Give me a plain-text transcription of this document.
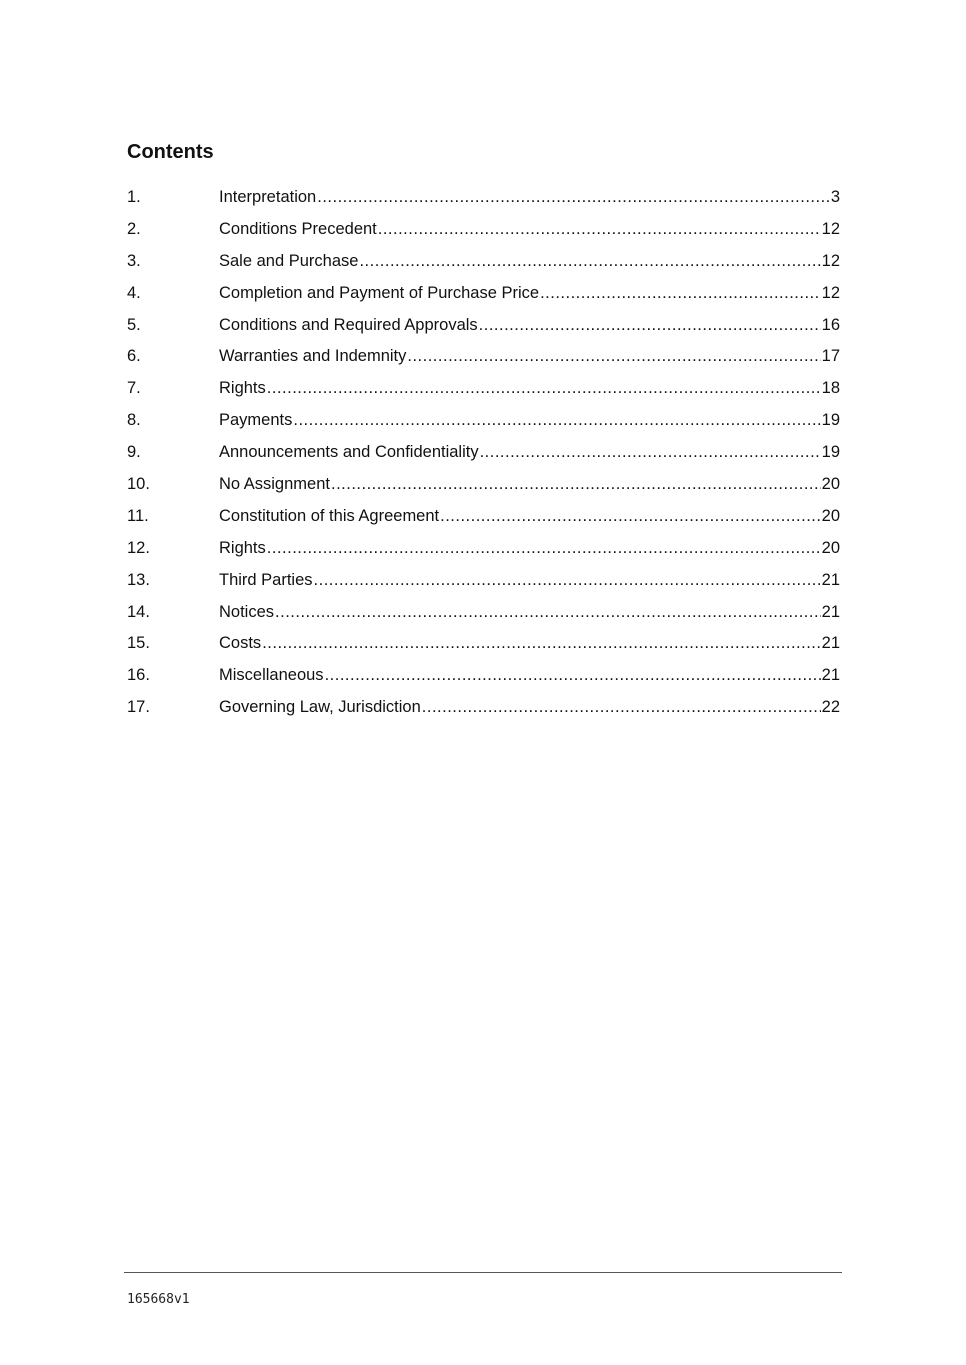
Contents
1.	Interpretation .....	3
2.	Conditions Precedent .....	12
3.	Sale and Purchase .....	12
4.	Completion and Payment of Purchase Price .....	12
5.	Conditions and Required Approvals .....	16
6.	Warranties and Indemnity .....	17
7.	Rights .....	18
8.	Payments .....	19
9.	Announcements and Confidentiality .....	19
10.	No Assignment .....	20
11.	Constitution of this Agreement .....	20
12.	Rights .....	20
13.	Third Parties .....	21
14.	Notices .....	21
15.	Costs .....	21
16.	Miscellaneous .....	21
17.	Governing Law, Jurisdiction .....	22
165668v1
